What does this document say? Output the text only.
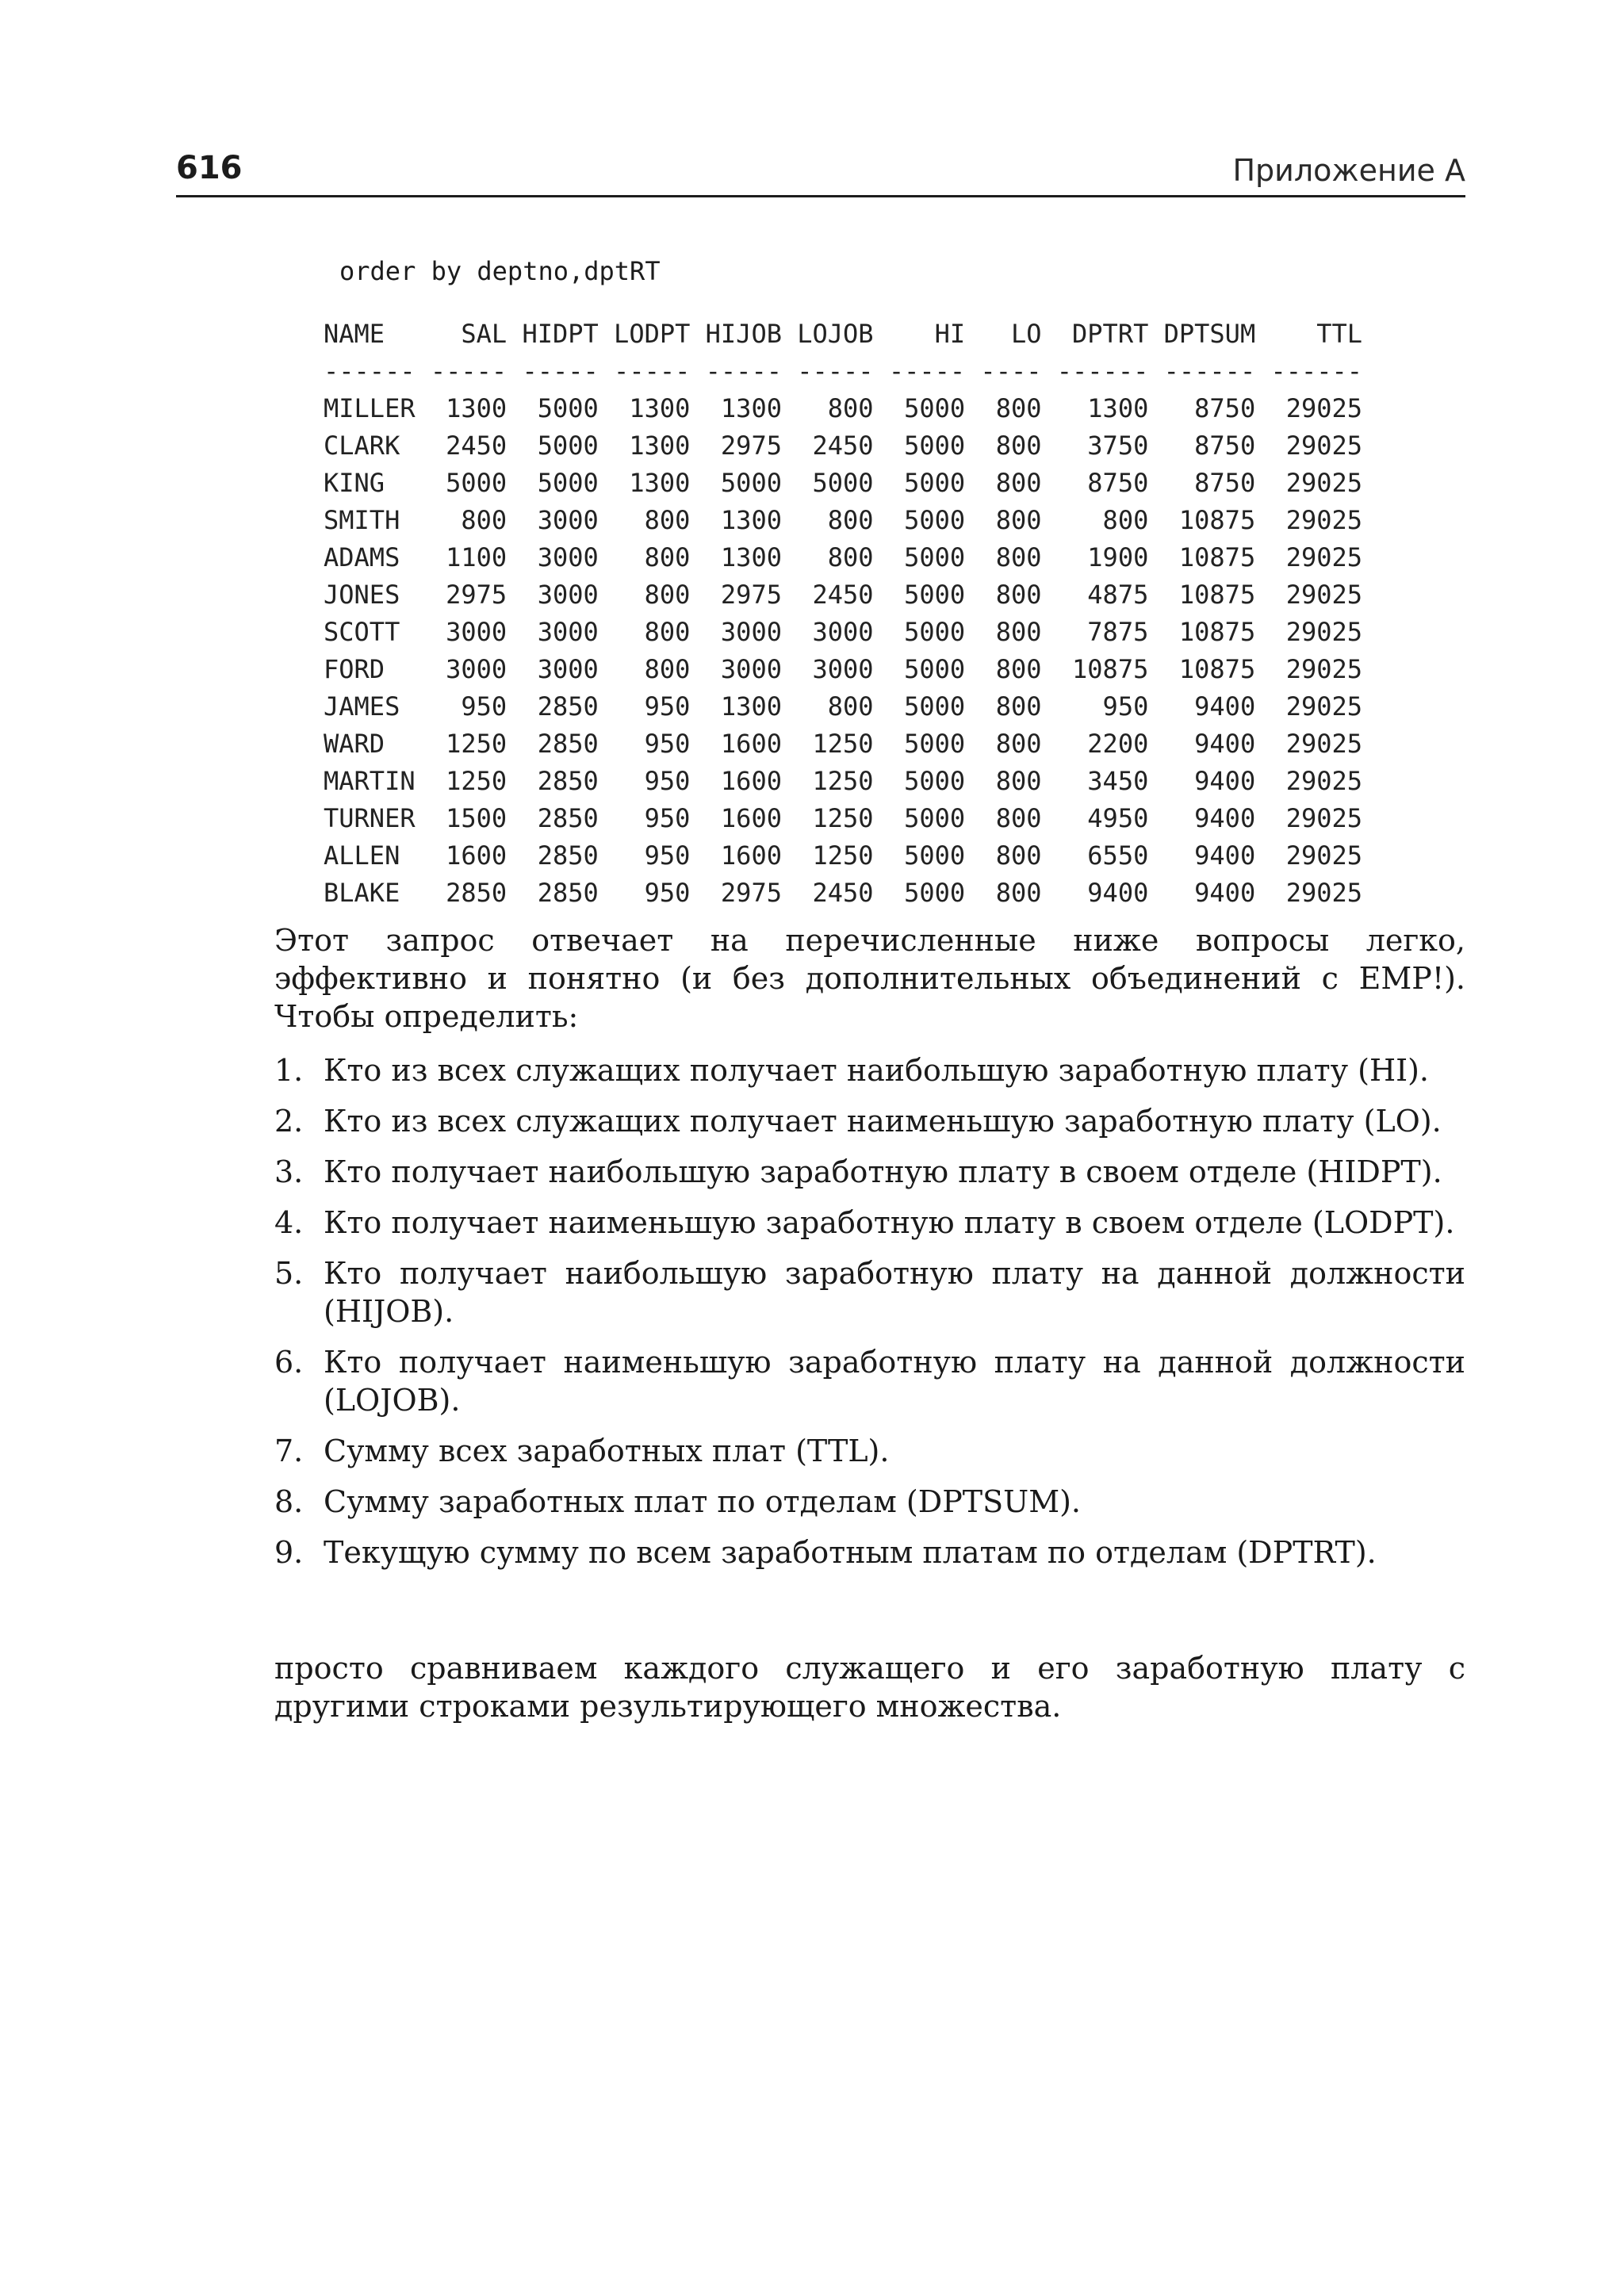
616	Приложение А
order by deptno,dptRT
NAME     SAL HIDPT LODPT HIJOB LOJOB    HI   LO  DPTRT DPTSUM    TTL
------ ----- ----- ----- ----- ----- ----- ---- ------ ------ ------
MILLER  1300  5000  1300  1300   800  5000  800   1300   8750  29025
CLARK   2450  5000  1300  2975  2450  5000  800   3750   8750  29025
KING    5000  5000  1300  5000  5000  5000  800   8750   8750  29025
SMITH    800  3000   800  1300   800  5000  800    800  10875  29025
ADAMS   1100  3000   800  1300   800  5000  800   1900  10875  29025
JONES   2975  3000   800  2975  2450  5000  800   4875  10875  29025
SCOTT   3000  3000   800  3000  3000  5000  800   7875  10875  29025
FORD    3000  3000   800  3000  3000  5000  800  10875  10875  29025
JAMES    950  2850   950  1300   800  5000  800    950   9400  29025
WARD    1250  2850   950  1600  1250  5000  800   2200   9400  29025
MARTIN  1250  2850   950  1600  1250  5000  800   3450   9400  29025
TURNER  1500  2850   950  1600  1250  5000  800   4950   9400  29025
ALLEN   1600  2850   950  1600  1250  5000  800   6550   9400  29025
BLAKE   2850  2850   950  2975  2450  5000  800   9400   9400  29025

Этот запрос отвечает на перечисленные ниже вопросы легко, эффективно и понятно (и без дополнительных объединений с EMP!). Чтобы определить:

1. Кто из всех служащих получает наибольшую заработную плату (HI).
2. Кто из всех служащих получает наименьшую заработную плату (LO).
3. Кто получает наибольшую заработную плату в своем отделе (HIDPT).
4. Кто получает наименьшую заработную плату в своем отделе (LODPT).
5. Кто получает наибольшую заработную плату на данной должности (HIJOB).
6. Кто получает наименьшую заработную плату на данной должности (LOJOB).
7. Сумму всех заработных плат (TTL).
8. Сумму заработных плат по отделам (DPTSUM).
9. Текущую сумму по всем заработным платам по отделам (DPTRT).

просто сравниваем каждого служащего и его заработную плату с другими строками результирующего множества.
